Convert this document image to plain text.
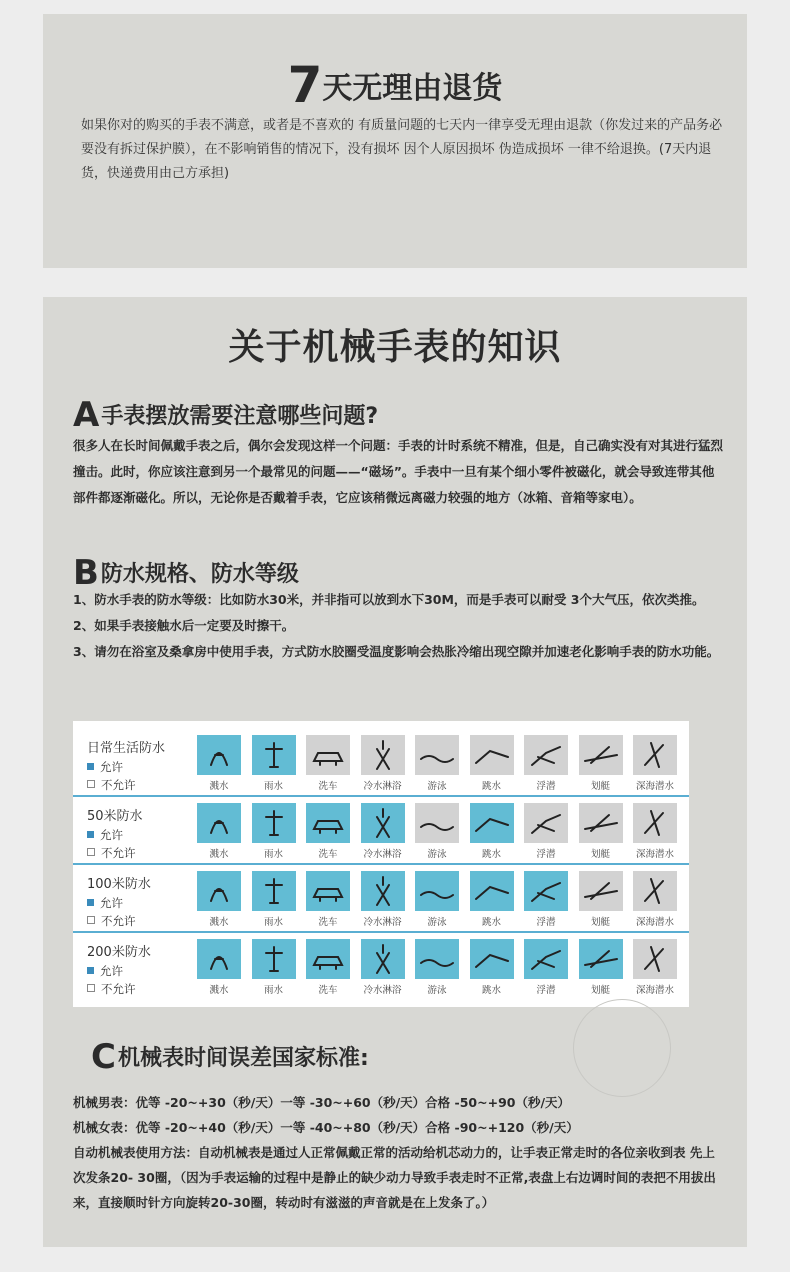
7天无理由退货
如果你对的购买的手表不满意，或者是不喜欢的 有质量问题的七天内一律享受无理由退款（你发过来的产品务必要没有拆过保护膜），在不影响销售的情况下，没有损坏 因个人原因损坏 伪造成损坏 一律不给退换。(7天内退货，快递费用由己方承担)
关于机械手表的知识
A手表摆放需要注意哪些问题?
很多人在长时间佩戴手表之后，偶尔会发现这样一个问题：手表的计时系统不精准，但是，自己确实没有对其进行猛烈撞击。此时，你应该注意到另一个最常见的问题——“磁场”。手表中一旦有某个细小零件被磁化，就会导致连带其他部件都逐渐磁化。所以，无论你是否戴着手表，它应该稍微远离磁力较强的地方（冰箱、音箱等家电）。
B防水规格、防水等级
1、防水手表的防水等级：比如防水30米，并非指可以放到水下30M，而是手表可以耐受 3个大气压，依次类推。
2、如果手表接触水后一定要及时擦干。
3、请勿在浴室及桑拿房中使用手表，方式防水胶圈受温度影响会热胀冷缩出现空隙并加速老化影响手表的防水功能。
日常生活防水
允许
不允许	溅水	雨水	洗车	冷水淋浴	游泳	跳水	浮潜	划艇	深海潜水
50米防水
允许
不允许	溅水	雨水	洗车	冷水淋浴	游泳	跳水	浮潜	划艇	深海潜水
100米防水
允许
不允许	溅水	雨水	洗车	冷水淋浴	游泳	跳水	浮潜	划艇	深海潜水
200米防水
允许
不允许	溅水	雨水	洗车	冷水淋浴	游泳	跳水	浮潜	划艇	深海潜水
C机械表时间误差国家标准:
机械男表：优等 -20~+30（秒/天）一等 -30~+60（秒/天）合格 -50~+90（秒/天）
机械女表：优等 -20~+40（秒/天）一等 -40~+80（秒/天）合格 -90~+120（秒/天）
自动机械表使用方法：自动机械表是通过人正常佩戴正常的活动给机芯动力的，让手表正常走时的各位亲收到表 先上次发条20- 30圈，（因为手表运输的过程中是静止的缺少动力导致手表走时不正常,表盘上右边调时间的表把不用拔出 来，直接顺时针方向旋转20-30圈，转动时有滋滋的声音就是在上发条了。）
